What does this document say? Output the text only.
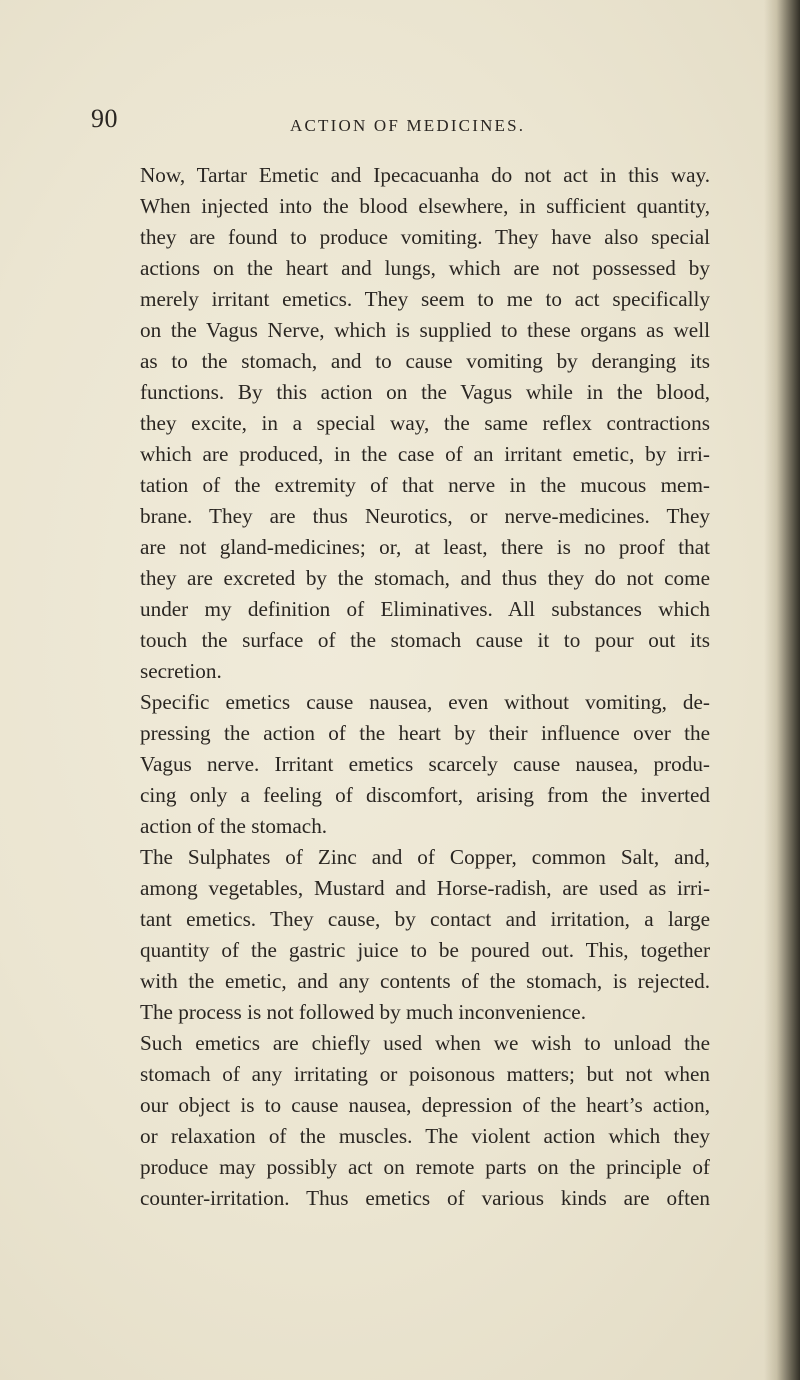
90	ACTION OF MEDICINES.
Now, Tartar Emetic and Ipecacuanha do not act in this way.
When injected into the blood elsewhere, in sufficient quantity,
they are found to produce vomiting. They have also special
actions on the heart and lungs, which are not possessed by
merely irritant emetics. They seem to me to act specifically
on the Vagus Nerve, which is supplied to these organs as well
as to the stomach, and to cause vomiting by deranging its
functions. By this action on the Vagus while in the blood,
they excite, in a special way, the same reflex contractions
which are produced, in the case of an irritant emetic, by irri-
tation of the extremity of that nerve in the mucous mem-
brane. They are thus Neurotics, or nerve-medicines. They
are not gland-medicines; or, at least, there is no proof that
they are excreted by the stomach, and thus they do not come
under my definition of Eliminatives. All substances which
touch the surface of the stomach cause it to pour out its
secretion.
Specific emetics cause nausea, even without vomiting, de-
pressing the action of the heart by their influence over the
Vagus nerve. Irritant emetics scarcely cause nausea, produ-
cing only a feeling of discomfort, arising from the inverted
action of the stomach.
The Sulphates of Zinc and of Copper, common Salt, and,
among vegetables, Mustard and Horse-radish, are used as irri-
tant emetics. They cause, by contact and irritation, a large
quantity of the gastric juice to be poured out. This, together
with the emetic, and any contents of the stomach, is rejected.
The process is not followed by much inconvenience.
Such emetics are chiefly used when we wish to unload the
stomach of any irritating or poisonous matters; but not when
our object is to cause nausea, depression of the heart’s action,
or relaxation of the muscles. The violent action which they
produce may possibly act on remote parts on the principle of
counter-irritation. Thus emetics of various kinds are often
